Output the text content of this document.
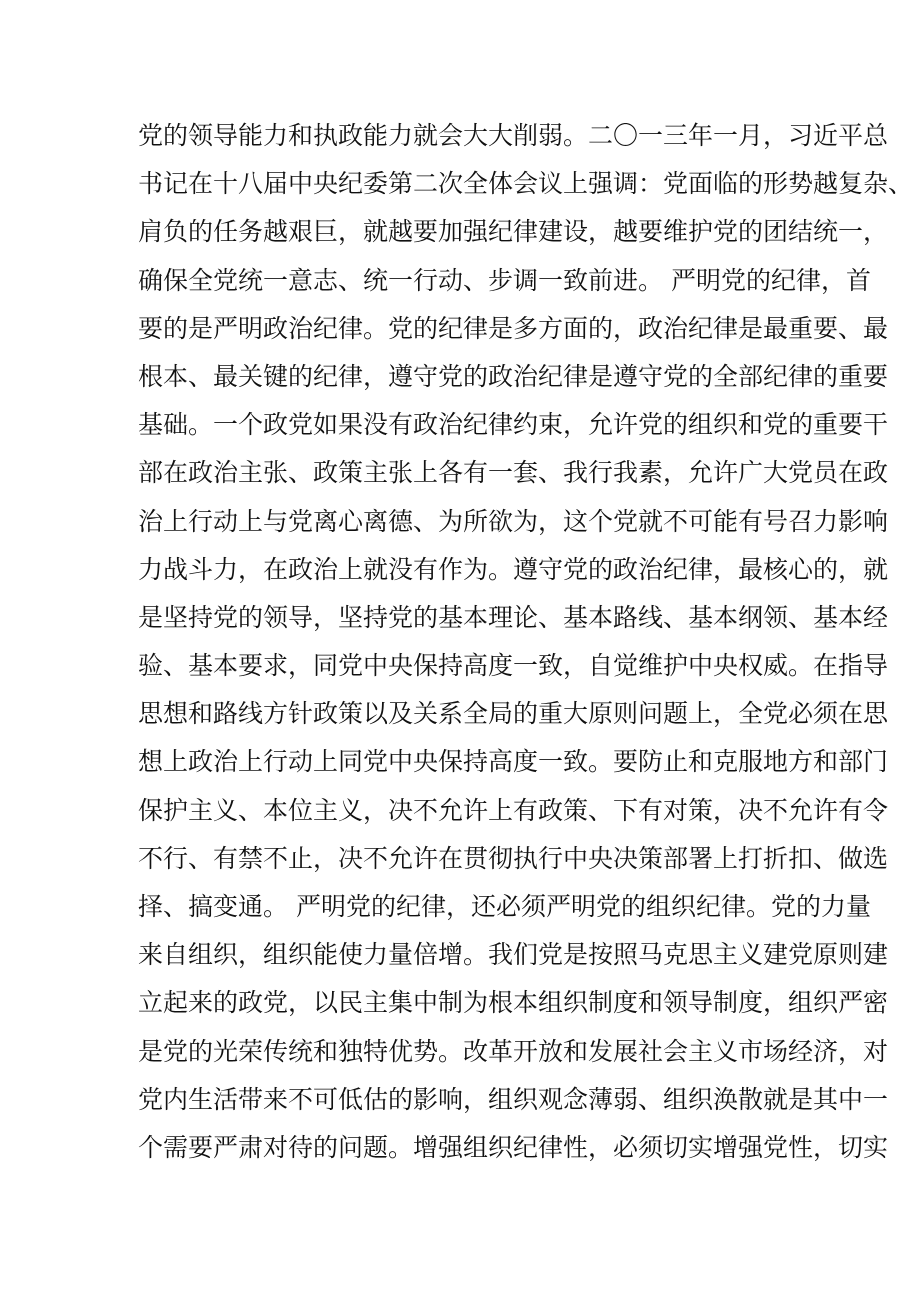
党的领导能力和执政能力就会大大削弱。二〇一三年一月，习近平总
书记在十八届中央纪委第二次全体会议上强调：党面临的形势越复杂、
肩负的任务越艰巨，就越要加强纪律建设，越要维护党的团结统一，
确保全党统一意志、统一行动、步调一致前进。 严明党的纪律，首
要的是严明政治纪律。党的纪律是多方面的，政治纪律是最重要、最
根本、最关键的纪律，遵守党的政治纪律是遵守党的全部纪律的重要
基础。一个政党如果没有政治纪律约束，允许党的组织和党的重要干
部在政治主张、政策主张上各有一套、我行我素，允许广大党员在政
治上行动上与党离心离德、为所欲为，这个党就不可能有号召力影响
力战斗力，在政治上就没有作为。遵守党的政治纪律，最核心的，就
是坚持党的领导，坚持党的基本理论、基本路线、基本纲领、基本经
验、基本要求，同党中央保持高度一致，自觉维护中央权威。在指导
思想和路线方针政策以及关系全局的重大原则问题上，全党必须在思
想上政治上行动上同党中央保持高度一致。要防止和克服地方和部门
保护主义、本位主义，决不允许上有政策、下有对策，决不允许有令
不行、有禁不止，决不允许在贯彻执行中央决策部署上打折扣、做选
择、搞变通。 严明党的纪律，还必须严明党的组织纪律。党的力量
来自组织，组织能使力量倍增。我们党是按照马克思主义建党原则建
立起来的政党，以民主集中制为根本组织制度和领导制度，组织严密
是党的光荣传统和独特优势。改革开放和发展社会主义市场经济，对
党内生活带来不可低估的影响，组织观念薄弱、组织涣散就是其中一
个需要严肃对待的问题。增强组织纪律性，必须切实增强党性，切实
